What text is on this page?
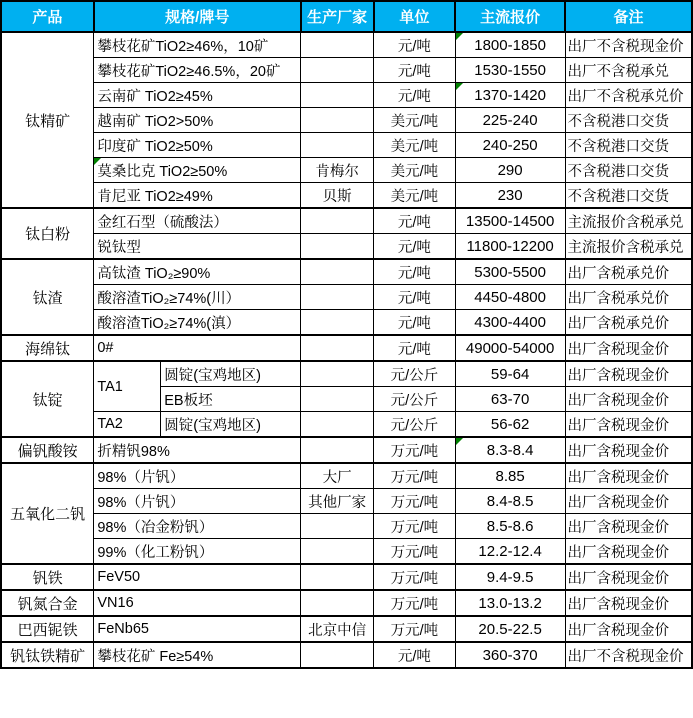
产品	规格/牌号		生产厂家	单位	主流报价	备注
钛精矿	攀枝花矿TiO2≥46%，10矿			元/吨	1800-1850	出厂不含税现金价
	攀枝花矿TiO2≥46.5%，20矿			元/吨	1530-1550	出厂不含税承兑
	云南矿 TiO2≥45%			元/吨	1370-1420	出厂不含税承兑价
	越南矿 TiO2>50%			美元/吨	225-240	不含税港口交货
	印度矿 TiO2≥50%			美元/吨	240-250	不含税港口交货
	莫桑比克 TiO2≥50%		肯梅尔	美元/吨	290	不含税港口交货
	肯尼亚 TiO2≥49%		贝斯	美元/吨	230	不含税港口交货
钛白粉	金红石型（硫酸法）			元/吨	13500-14500	主流报价含税承兑
	锐钛型			元/吨	11800-12200	主流报价含税承兑
钛渣	高钛渣 TiO₂≥90%			元/吨	5300-5500	出厂含税承兑价
	酸溶渣TiO₂≥74%(川）			元/吨	4450-4800	出厂含税承兑价
	酸溶渣TiO₂≥74%(滇）			元/吨	4300-4400	出厂含税承兑价
海绵钛	0#			元/吨	49000-54000	出厂含税现金价
钛锭	TA1	圆锭(宝鸡地区)		元/公斤	59-64	出厂含税现金价
		EB板坯		元/公斤	63-70	出厂含税现金价
	TA2	圆锭(宝鸡地区)		元/公斤	56-62	出厂含税现金价
偏钒酸铵	折精钒98%			万元/吨	8.3-8.4	出厂含税现金价
五氧化二钒	98%（片钒）		大厂	万元/吨	8.85	出厂含税现金价
	98%（片钒）		其他厂家	万元/吨	8.4-8.5	出厂含税现金价
	98%（冶金粉钒）			万元/吨	8.5-8.6	出厂含税现金价
	99%（化工粉钒）			万元/吨	12.2-12.4	出厂含税现金价
钒铁	FeV50			万元/吨	9.4-9.5	出厂含税现金价
钒氮合金	VN16			万元/吨	13.0-13.2	出厂含税现金价
巴西铌铁	FeNb65		北京中信	万元/吨	20.5-22.5	出厂含税现金价
钒钛铁精矿	攀枝花矿 Fe≥54%			元/吨	360-370	出厂不含税现金价
